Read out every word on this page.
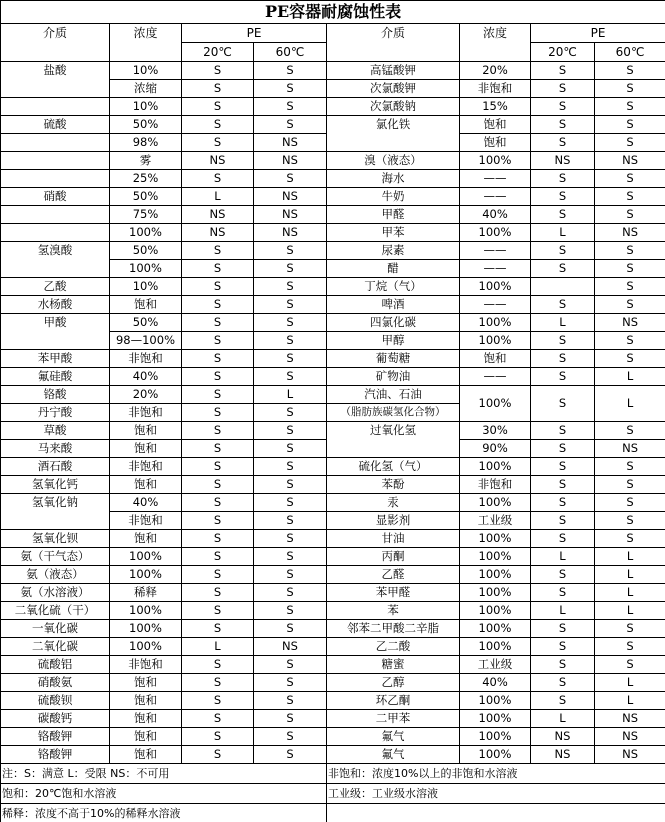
PE容器耐腐蚀性表							
介质	浓度	PE		介质	浓度	PE	
		20℃	60℃			20℃	60℃
盐酸	10%	S	S	高锰酸钾	20%	S	S
	浓缩	S	S	次氯酸钾	非饱和	S	S
	10%	S	S	次氯酸钠	15%	S	S
硫酸	50%	S	S	氯化铁	饱和	S	S
	98%	S	NS		饱和	S	S
	雾	NS	NS	溴（液态）	100%	NS	NS
	25%	S	S	海水	——	S	S
硝酸	50%	L	NS	牛奶	——	S	S
	75%	NS	NS	甲醛	40%	S	S
	100%	NS	NS	甲苯	100%	L	NS
氢溴酸	50%	S	S	尿素	——	S	S
	100%	S	S	醋	——	S	S
乙酸	10%	S	S	丁烷（气）	100%		S
水杨酸	饱和	S	S	啤酒	——	S	S
甲酸	50%	S	S	四氯化碳	100%	L	NS
	98—100%	S	S	甲醇	100%	S	S
苯甲酸	非饱和	S	S	葡萄糖	饱和	S	S
氟硅酸	40%	S	S	矿物油	——	S	L
铬酸	20%	S	L	汽油、石油	100%	S	L
丹宁酸	非饱和	S	S	（脂肪族碳氢化合物）			
草酸	饱和	S	S	过氧化氢	30%	S	S
马来酸	饱和	S	S		90%	S	NS
酒石酸	非饱和	S	S	硫化氢（气）	100%	S	S
氢氧化钙	饱和	S	S	苯酚	非饱和	S	S
氢氧化钠	40%	S	S	汞	100%	S	S
	非饱和	S	S	显影剂	工业级	S	S
氢氧化钡	饱和	S	S	甘油	100%	S	S
氨（干气态）	100%	S	S	丙酮	100%	L	L
氨（液态）	100%	S	S	乙醛	100%	S	L
氨（水溶液）	稀释	S	S	苯甲醛	100%	S	L
二氧化硫（干）	100%	S	S	苯	100%	L	L
一氧化碳	100%	S	S	邻苯二甲酸二辛脂	100%	S	S
二氧化碳	100%	L	NS	乙二酸	100%	S	S
硫酸铝	非饱和	S	S	糖蜜	工业级	S	S
硝酸氨	饱和	S	S	乙醇	40%	S	L
硫酸钡	饱和	S	S	环乙酮	100%	S	L
碳酸钙	饱和	S	S	二甲苯	100%	L	NS
铬酸钾	饱和	S	S	氟气	100%	NS	NS
铬酸钾	饱和	S	S	氟气	100%	NS	NS
注：S：满意 L：受限 NS：不可用				非饱和：浓度10%以上的非饱和水溶液			
饱和：20℃饱和水溶液				工业级：工业级水溶液			
稀释：浓度不高于10%的稀释水溶液							
